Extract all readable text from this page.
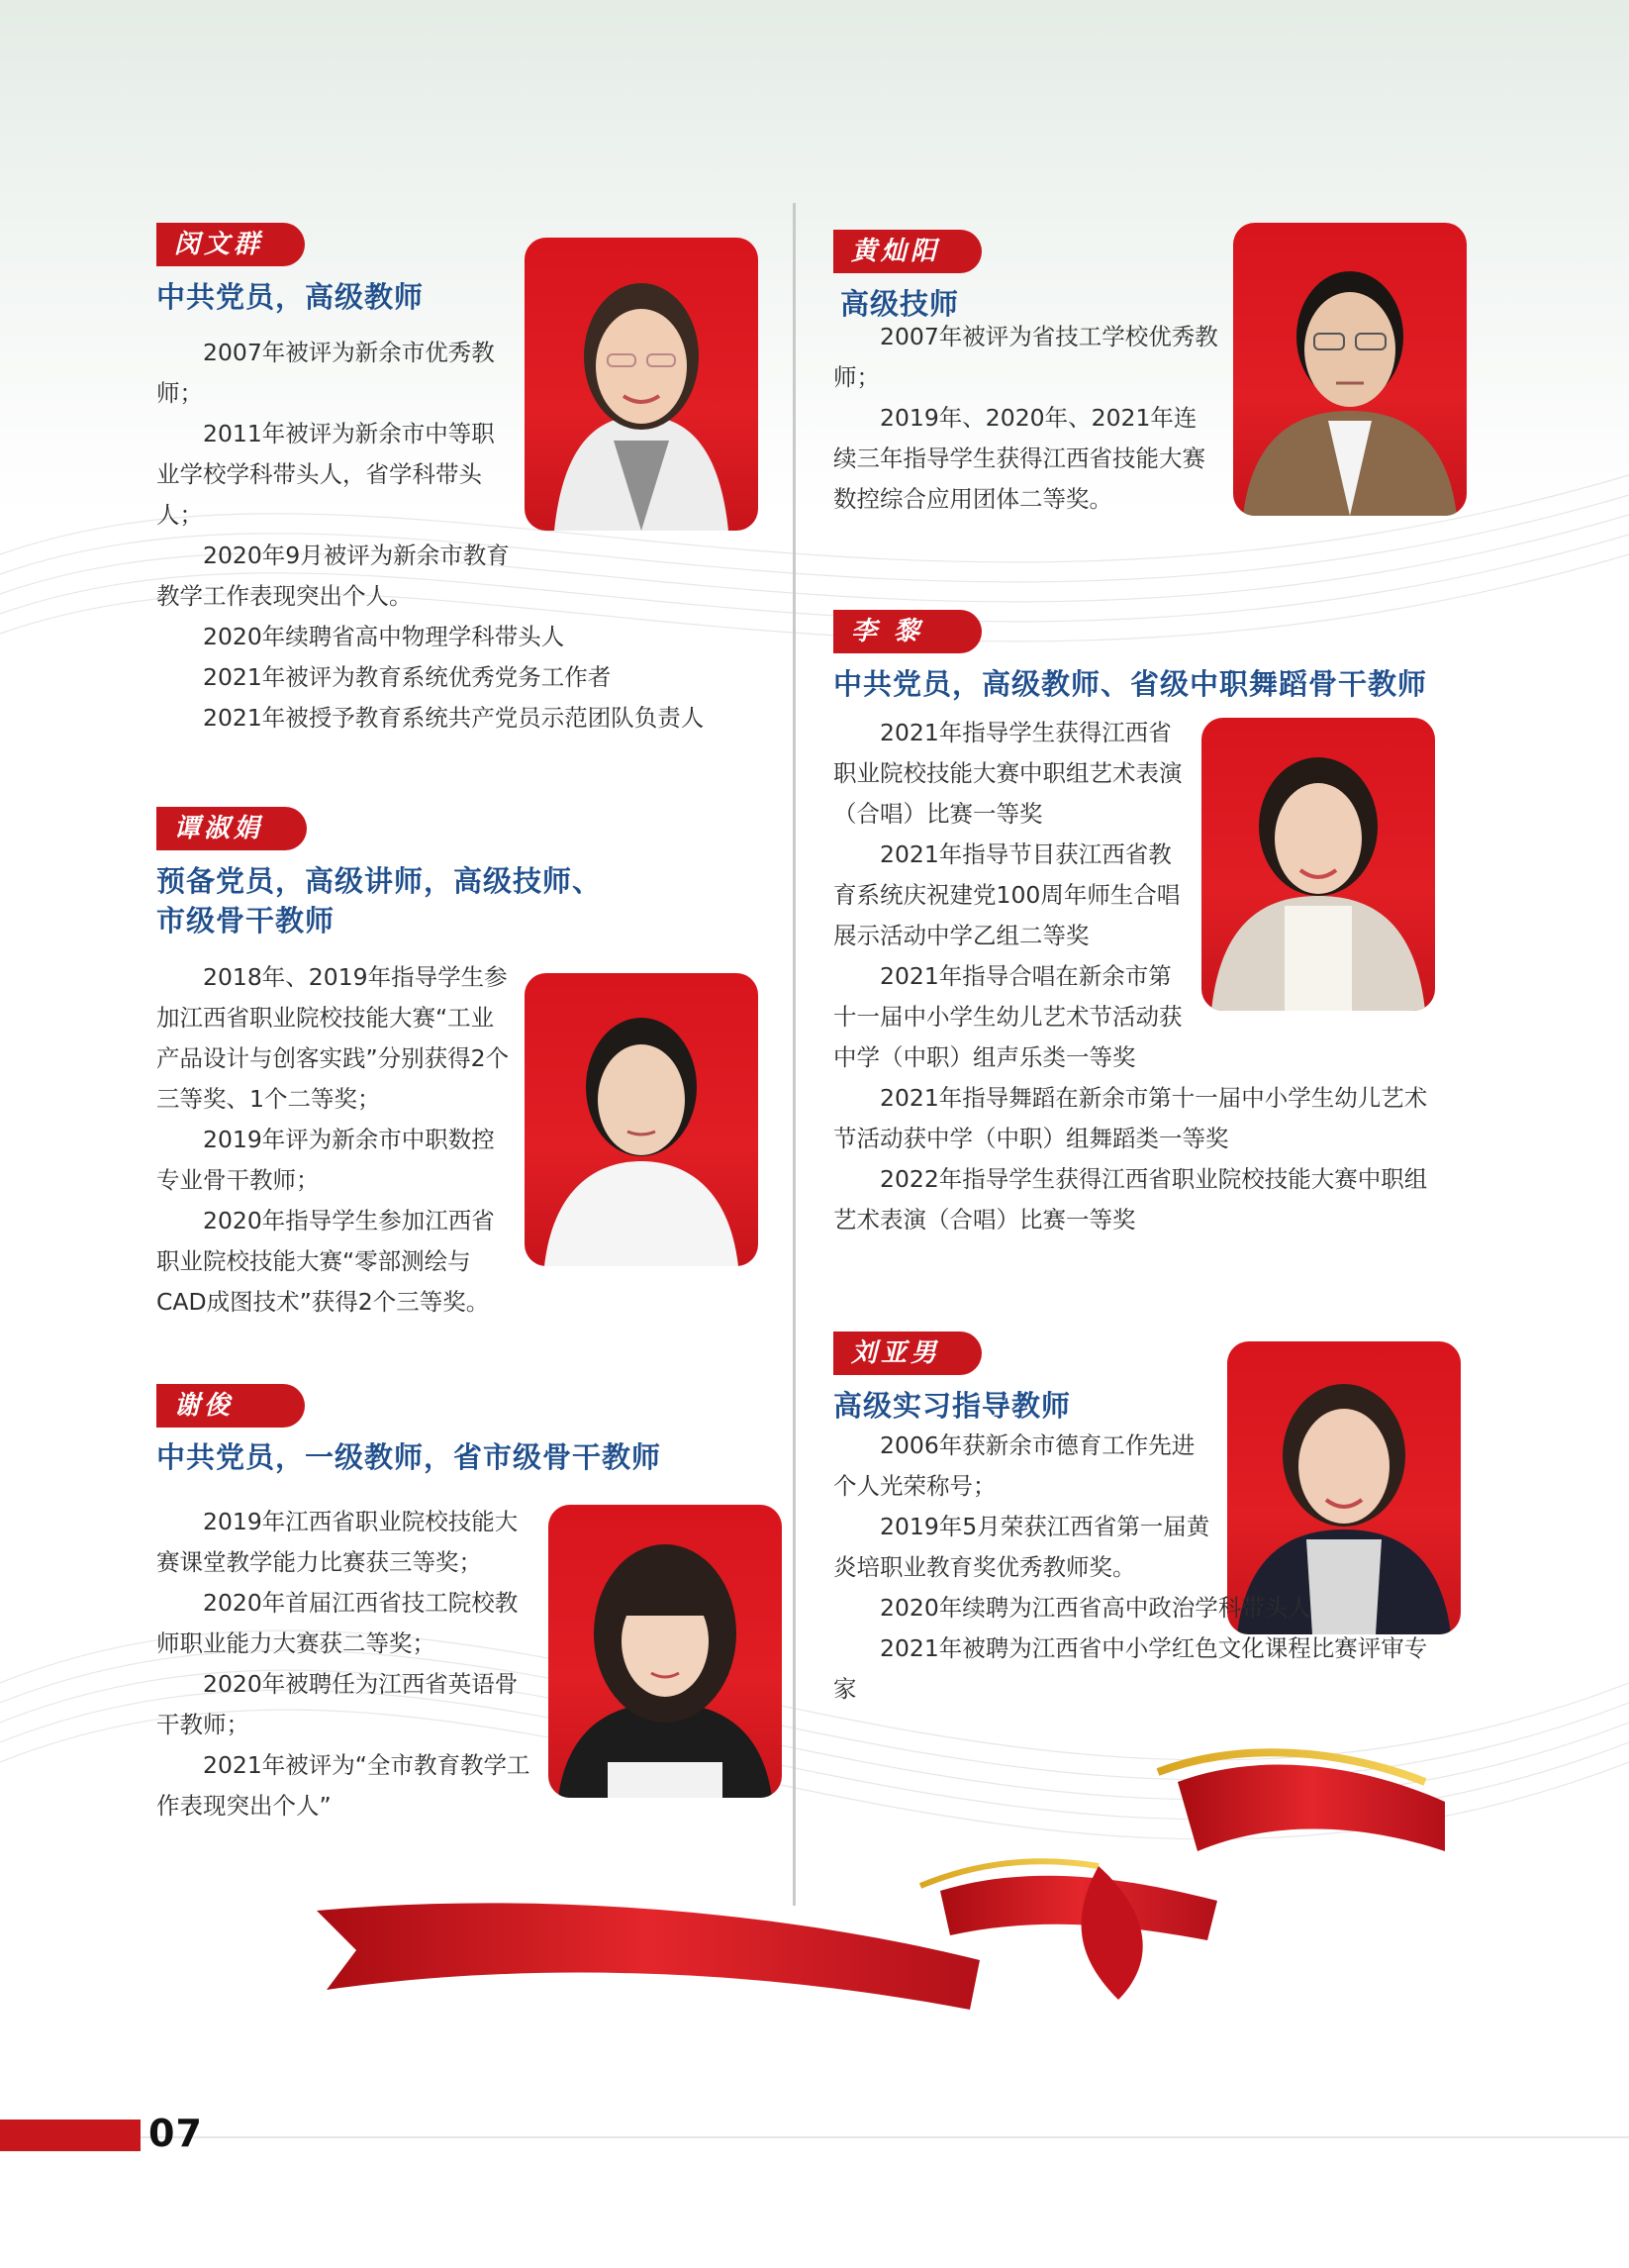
闵文群
中共党员，高级教师

2007年被评为新余市优秀教师；

2011年被评为新余市中等职业学校学科带头人，省学科带头人；

2020年9月被评为新余市教育教学工作表现突出个人。

2020年续聘省高中物理学科带头人

2021年被评为教育系统优秀党务工作者

2021年被授予教育系统共产党员示范团队负责人

谭淑娟
预备党员，高级讲师，高级技师、市级骨干教师

2018年、2019年指导学生参加江西省职业院校技能大赛“工业产品设计与创客实践”分别获得2个三等奖、1个二等奖；

2019年评为新余市中职数控专业骨干教师；

2020年指导学生参加江西省职业院校技能大赛“零部测绘与CAD成图技术”获得2个三等奖。

谢俊
中共党员，一级教师，省市级骨干教师

2019年江西省职业院校技能大赛课堂教学能力比赛获三等奖；

2020年首届江西省技工院校教师职业能力大赛获二等奖；

2020年被聘任为江西省英语骨干教师；

2021年被评为“全市教育教学工作表现突出个人”

黄灿阳
高级技师

2007年被评为省技工学校优秀教师；

2019年、2020年、2021年连续三年指导学生获得江西省技能大赛数控综合应用团体二等奖。

李 黎
中共党员，高级教师、省级中职舞蹈骨干教师

2021年指导学生获得江西省职业院校技能大赛中职组艺术表演（合唱）比赛一等奖

2021年指导节目获江西省教育系统庆祝建党100周年师生合唱展示活动中学乙组二等奖

2021年指导合唱在新余市第十一届中小学生幼儿艺术节活动获中学（中职）组声乐类一等奖

2021年指导舞蹈在新余市第十一届中小学生幼儿艺术节活动获中学（中职）组舞蹈类一等奖

2022年指导学生获得江西省职业院校技能大赛中职组艺术表演（合唱）比赛一等奖

刘亚男
高级实习指导教师

2006年获新余市德育工作先进个人光荣称号；

2019年5月荣获江西省第一届黄炎培职业教育奖优秀教师奖。

2020年续聘为江西省高中政治学科带头人

2021年被聘为江西省中小学红色文化课程比赛评审专家

07
